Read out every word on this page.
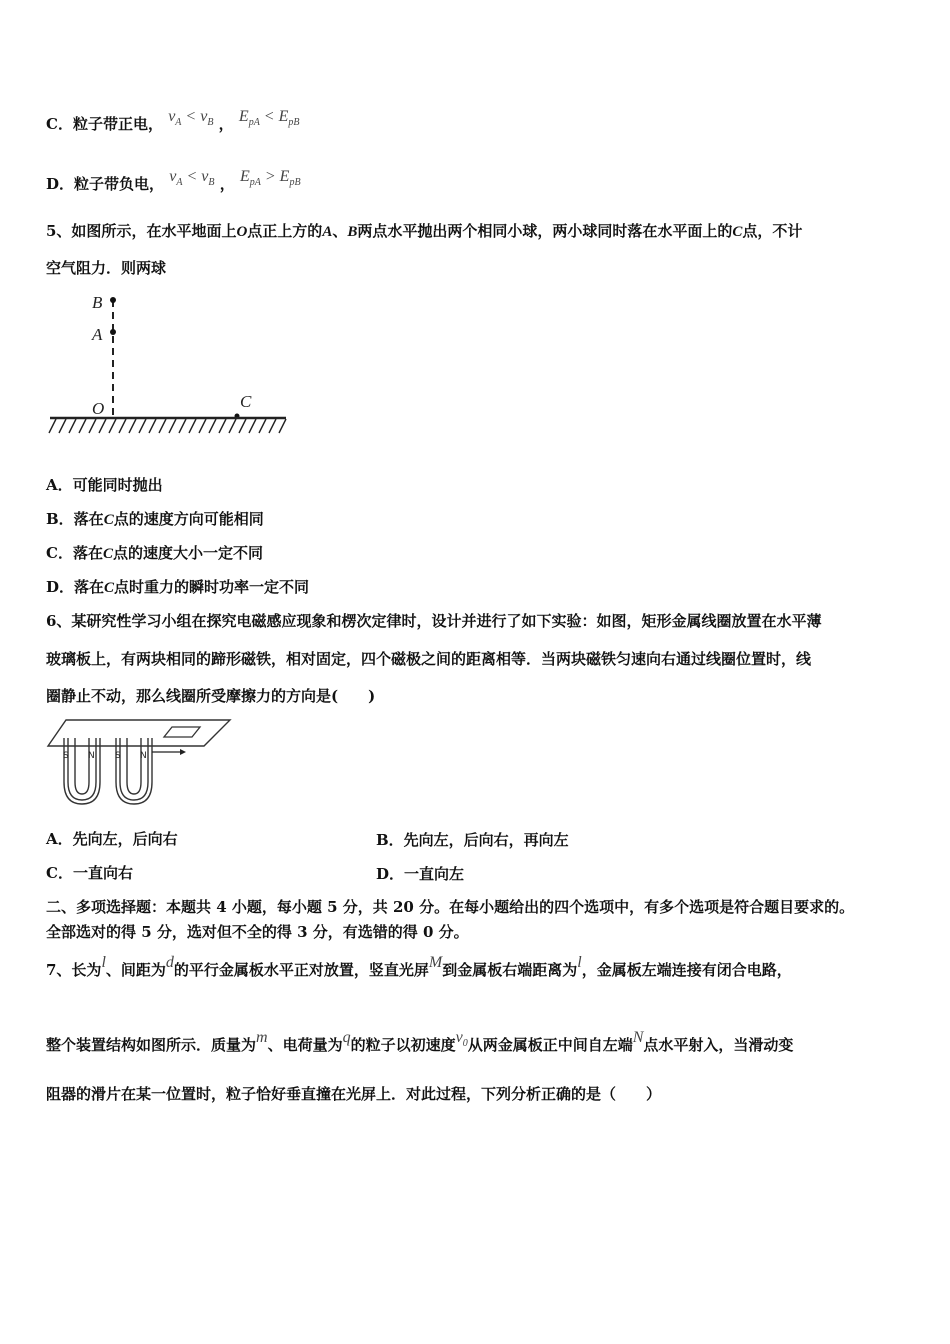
C．粒子带正电， $v_A < v_B$ ， $E_{pA} < E_{pB}$
D．粒子带负电， $v_A < v_B$ ， $E_{pA} > E_{pB}$
5、如图所示，在水平地面上O点正上方的A、B两点水平抛出两个相同小球，两小球同时落在水平面上的C点，不计
空气阻力．则两球
B
A
O	C
A．可能同时抛出
B．落在C点的速度方向可能相同
C．落在C点的速度大小一定不同
D．落在C点时重力的瞬时功率一定不同
6、某研究性学习小组在探究电磁感应现象和楞次定律时，设计并进行了如下实验：如图，矩形金属线圈放置在水平薄
玻璃板上，有两块相同的蹄形磁铁，相对固定，四个磁极之间的距离相等．当两块磁铁匀速向右通过线圈位置时，线
圈静止不动，那么线圈所受摩擦力的方向是(　　)
S N S N
A．先向左，后向右	B．先向左，后向右，再向左
C．一直向右	D．一直向左
二、多项选择题：本题共 4 小题，每小题 5 分，共 20 分。在每小题给出的四个选项中，有多个选项是符合题目要求的。
全部选对的得 5 分，选对但不全的得 3 分，有选错的得 0 分。
7、长为l、间距为d的平行金属板水平正对放置，竖直光屏M到金属板右端距离为l，金属板左端连接有闭合电路，
整个装置结构如图所示．质量为m、电荷量为q的粒子以初速度$v_0$从两金属板正中间自左端N点水平射入，当滑动变
阻器的滑片在某一位置时，粒子恰好垂直撞在光屏上．对此过程，下列分析正确的是（　　）
